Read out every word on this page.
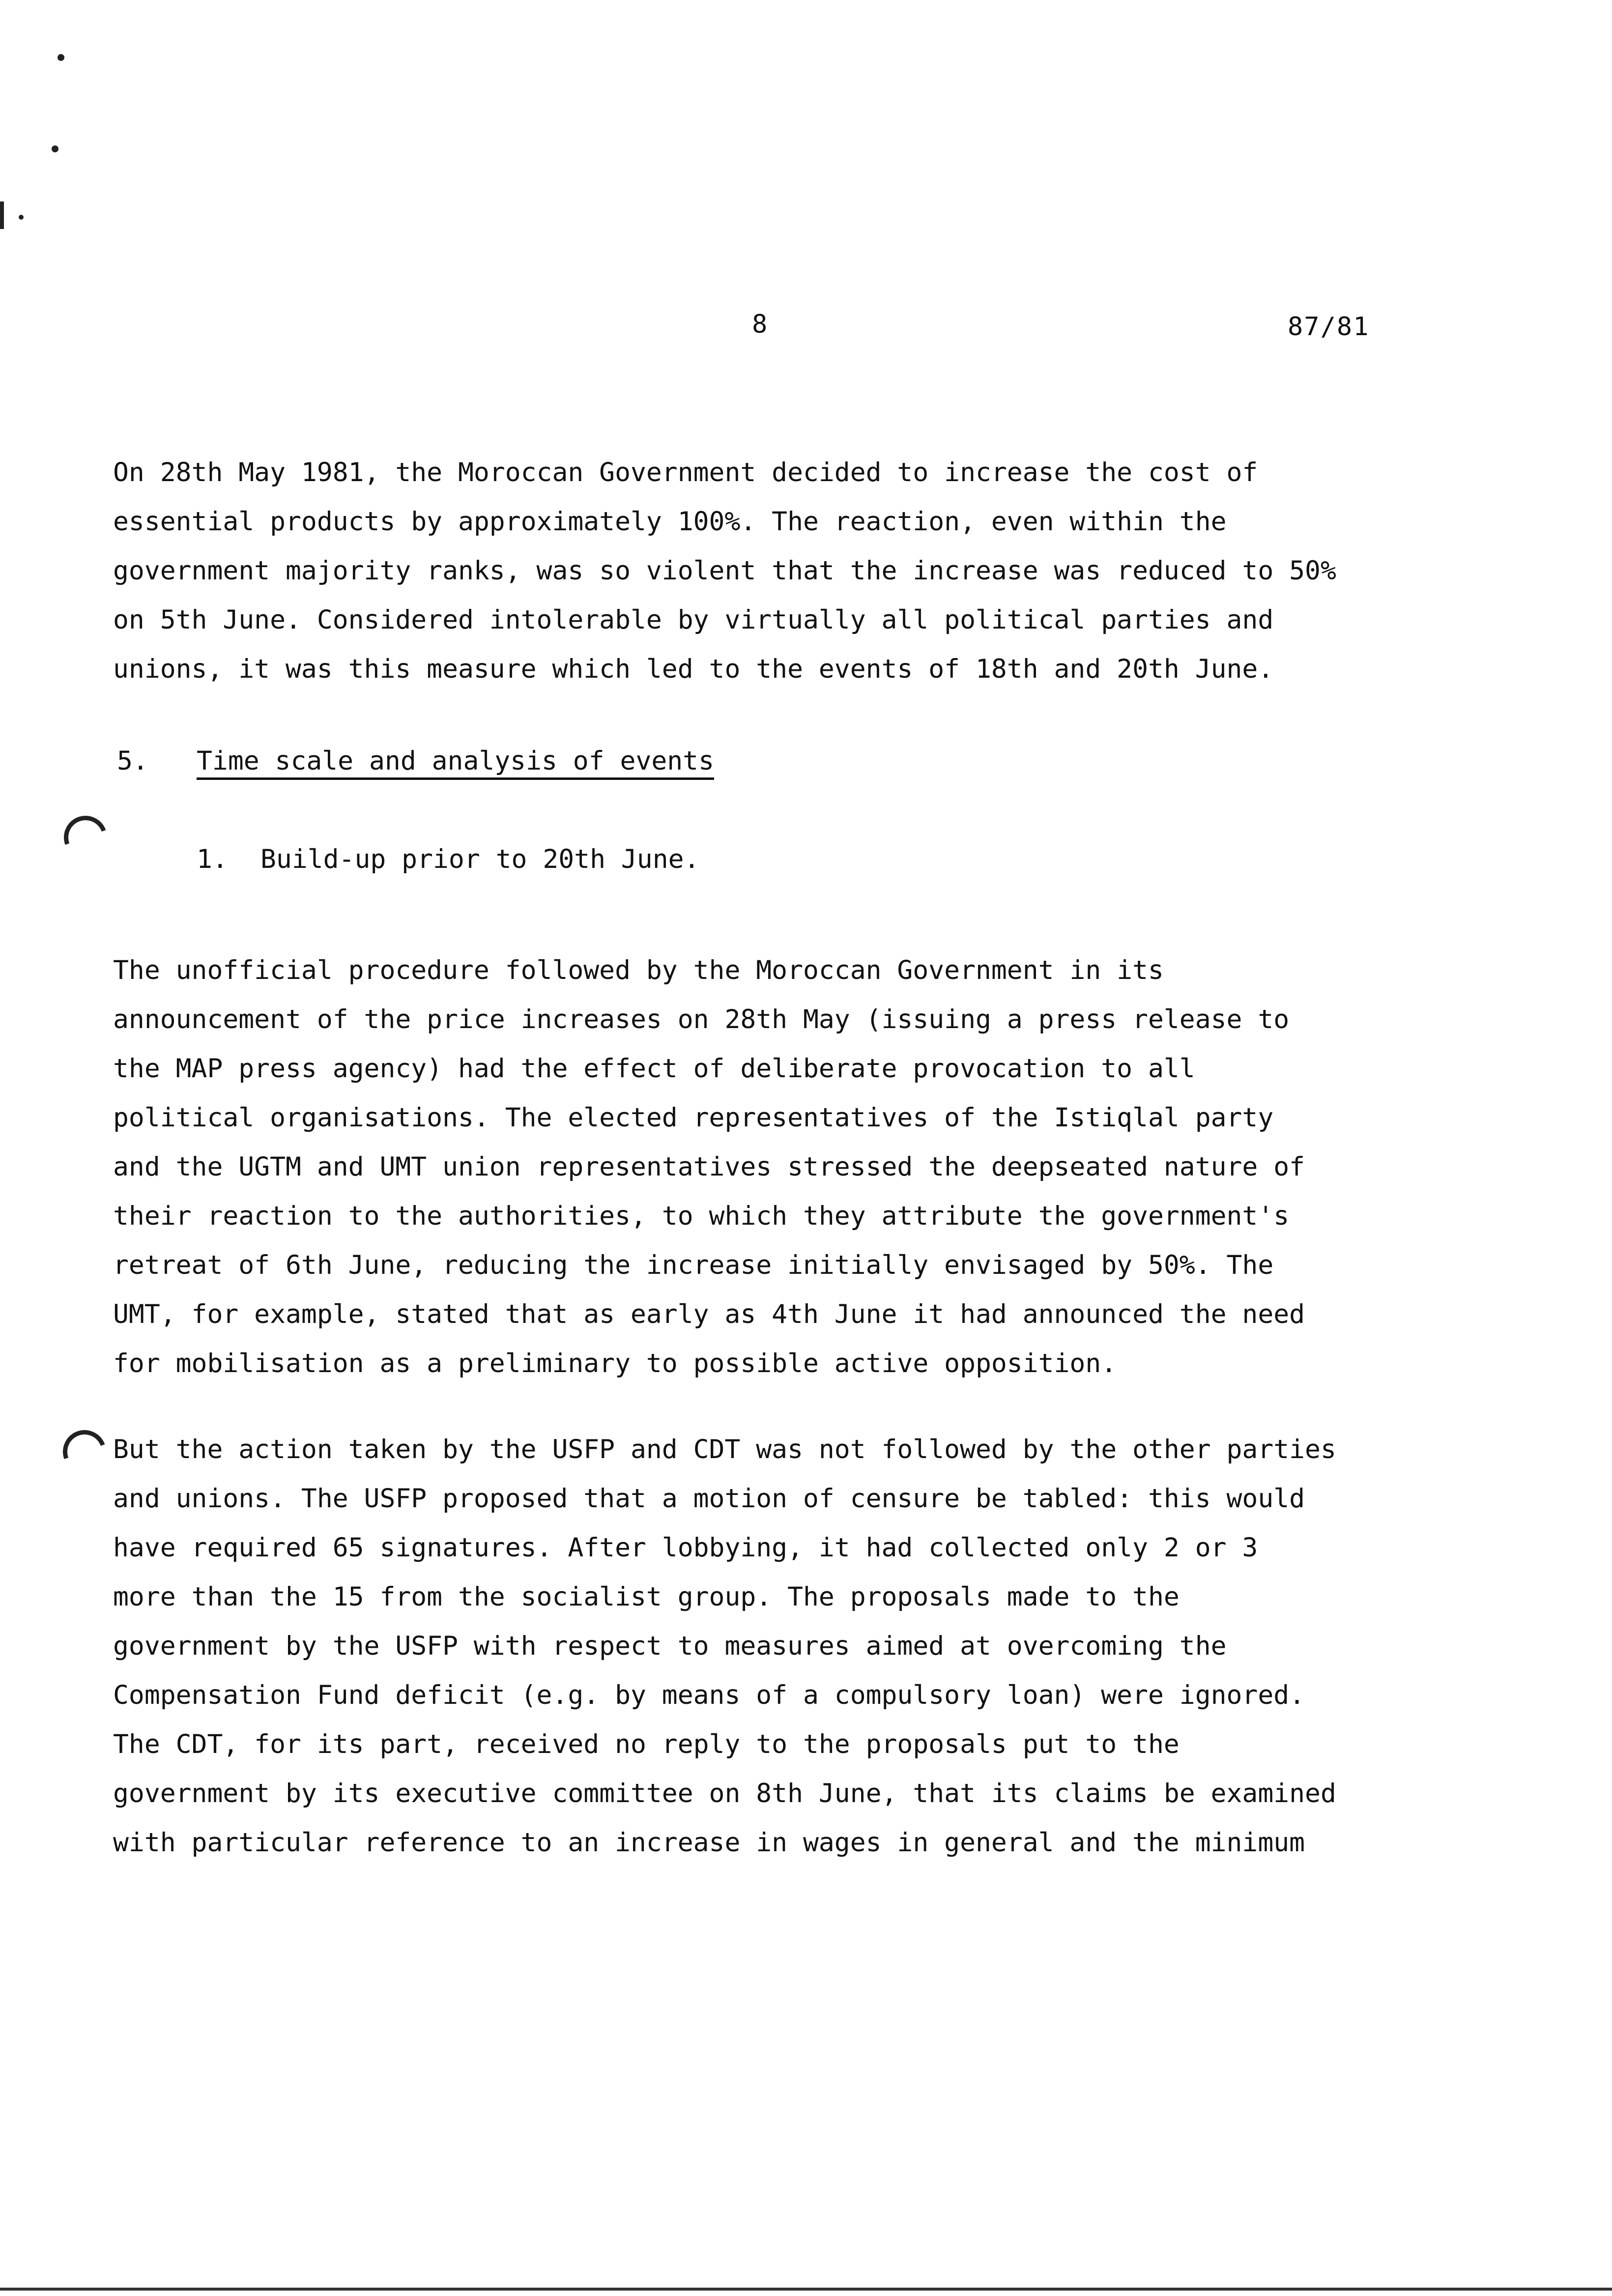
8	87/81
On 28th May 1981, the Moroccan Government decided to increase the cost of
essential products by approximately 100%. The reaction, even within the
government majority ranks, was so violent that the increase was reduced to 50%
on 5th June. Considered intolerable by virtually all political parties and
unions, it was this measure which led to the events of 18th and 20th June.
5. Time scale and analysis of events
1. Build-up prior to 20th June.
The unofficial procedure followed by the Moroccan Government in its
announcement of the price increases on 28th May (issuing a press release to
the MAP press agency) had the effect of deliberate provocation to all
political organisations. The elected representatives of the Istiqlal party
and the UGTM and UMT union representatives stressed the deepseated nature of
their reaction to the authorities, to which they attribute the government's
retreat of 6th June, reducing the increase initially envisaged by 50%. The
UMT, for example, stated that as early as 4th June it had announced the need
for mobilisation as a preliminary to possible active opposition.
But the action taken by the USFP and CDT was not followed by the other parties
and unions. The USFP proposed that a motion of censure be tabled: this would
have required 65 signatures. After lobbying, it had collected only 2 or 3
more than the 15 from the socialist group. The proposals made to the
government by the USFP with respect to measures aimed at overcoming the
Compensation Fund deficit (e.g. by means of a compulsory loan) were ignored.
The CDT, for its part, received no reply to the proposals put to the
government by its executive committee on 8th June, that its claims be examined
with particular reference to an increase in wages in general and the minimum
